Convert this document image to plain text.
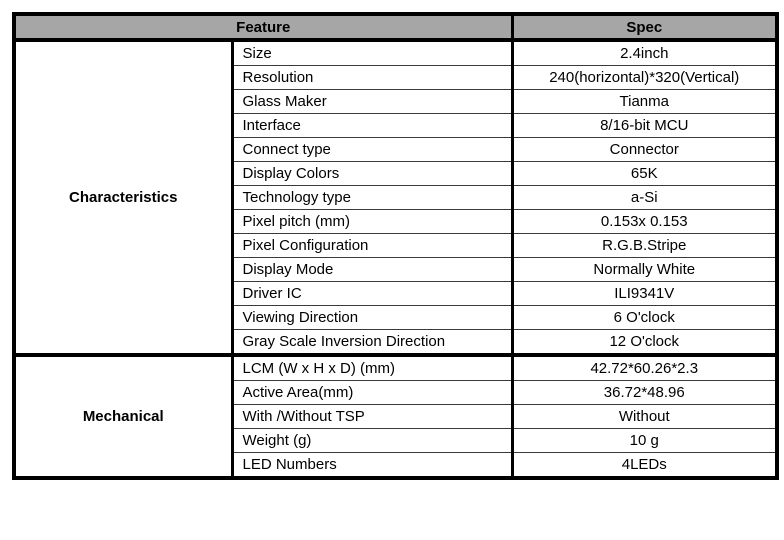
Feature		Spec
Characteristics	Size	2.4inch
	Resolution	240(horizontal)*320(Vertical)
	Glass Maker	Tianma
	Interface	8/16-bit MCU
	Connect type	Connector
	Display Colors	65K
	Technology type	a-Si
	Pixel pitch (mm)	0.153x 0.153
	Pixel Configuration	R.G.B.Stripe
	Display Mode	Normally White
	Driver IC	ILI9341V
	Viewing Direction	6 O'clock
	Gray Scale Inversion Direction	12 O'clock
Mechanical	LCM (W x H x D) (mm)	42.72*60.26*2.3
	Active Area(mm)	36.72*48.96
	With /Without TSP	Without
	Weight (g)	10 g
	LED Numbers	4LEDs
